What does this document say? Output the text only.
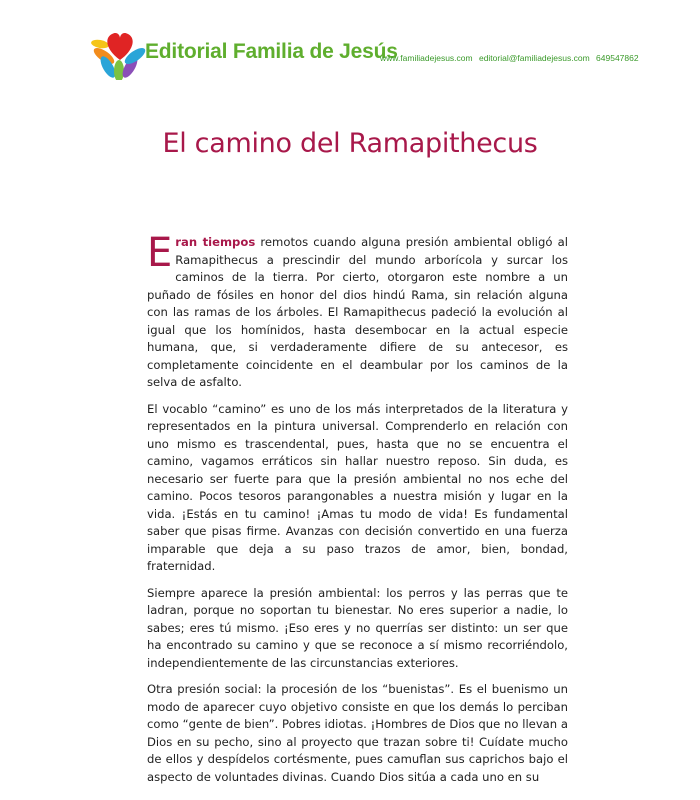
Editorial Familia de Jesús
www.familiadejesus.com editorial@familiadejesus.com 649547862
El camino del Ramapithecus

Eran tiempos remotos cuando alguna presión ambiental obligó al Ramapithecus a prescindir del mundo arborícola y surcar los caminos de la tierra. Por cierto, otorgaron este nombre a un puñado de fósiles en honor del dios hindú Rama, sin relación alguna con las ramas de los árboles. El Ramapithecus padeció la evolución al igual que los homínidos, hasta desembocar en la actual especie humana, que, si verdaderamente difiere de su antecesor, es completamente coincidente en el deambular por los caminos de la selva de asfalto.

El vocablo “camino” es uno de los más interpretados de la literatura y representados en la pintura universal. Comprenderlo en relación con uno mismo es trascendental, pues, hasta que no se encuentra el camino, vagamos erráticos sin hallar nuestro reposo. Sin duda, es necesario ser fuerte para que la presión ambiental no nos eche del camino. Pocos tesoros parangonables a nuestra misión y lugar en la vida. ¡Estás en tu camino! ¡Amas tu modo de vida! Es fundamental saber que pisas firme. Avanzas con decisión convertido en una fuerza imparable que deja a su paso trazos de amor, bien, bondad, fraternidad.

Siempre aparece la presión ambiental: los perros y las perras que te ladran, porque no soportan tu bienestar. No eres superior a nadie, lo sabes; eres tú mismo. ¡Eso eres y no querrías ser distinto: un ser que ha encontrado su camino y que se reconoce a sí mismo recorriéndolo, independientemente de las circunstancias exteriores.

Otra presión social: la procesión de los “buenistas”. Es el buenismo un modo de aparecer cuyo objetivo consiste en que los demás lo perciban como “gente de bien”. Pobres idiotas. ¡Hombres de Dios que no llevan a Dios en su pecho, sino al proyecto que trazan sobre ti! Cuídate mucho de ellos y despídelos cortésmente, pues camuflan sus caprichos bajo el aspecto de voluntades divinas. Cuando Dios sitúa a cada uno en su
